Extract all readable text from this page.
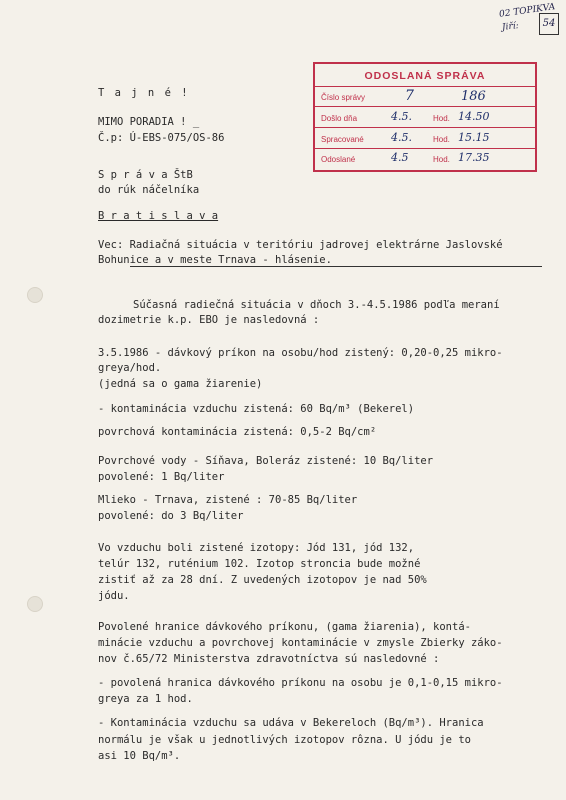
02 TOPIKVA
Jiří:	54
ODOSLANÁ SPRÁVA
Číslo správy	7	186
Došlo dňa	4.5.	Hod. 14.50
Spracované 4.5.	Hod. 15.15
Odoslané	4.5	Hod. 17.35
T a j n é !
MIMO PORADIA ! _
Č.p: Ú-EBS-075/OS-86
S p r á v a ŠtB
do rúk náčelníka
B r a t i s l a v a
Vec: Radiačná situácia v teritóriu jadrovej elektrárne Jaslovské
Bohunice a v meste Trnava - hlásenie.
Súčasná radiečná situácia v dňoch 3.-4.5.1986 podľa meraní
dozimetrie k.p. EBO je nasledovná :
3.5.1986 - dávkový príkon na osobu/hod zistený: 0,20-0,25 mikro-
greya/hod.
(jedná sa o gama žiarenie)
- kontaminácia vzduchu zistená: 60 Bq/m³ (Bekerel)
povrchová kontaminácia zistená: 0,5-2 Bq/cm²
Povrchové vody - Síňava, Boleráz zistené: 10 Bq/liter
povolené: 1 Bq/liter
Mlieko - Trnava, zistené : 70-85 Bq/liter
povolené: do 3 Bq/liter
Vo vzduchu boli zistené izotopy: Jód 131, jód 132,
telúr 132, ruténium 102. Izotop stroncia bude možné
zistiť až za 28 dní. Z uvedených izotopov je nad 50%
jódu.
Povolené hranice dávkového príkonu, (gama žiarenia), kontá-
minácie vzduchu a povrchovej kontaminácie v zmysle Zbierky záko-
nov č.65/72 Ministerstva zdravotníctva sú nasledovné :
- povolená hranica dávkového príkonu na osobu je 0,1-0,15 mikro-
greya za 1 hod.
- Kontaminácia vzduchu sa udáva v Bekereloch (Bq/m³). Hranica
normálu je však u jednotlivých izotopov rôzna. U jódu je to
asi 10 Bq/m³.
